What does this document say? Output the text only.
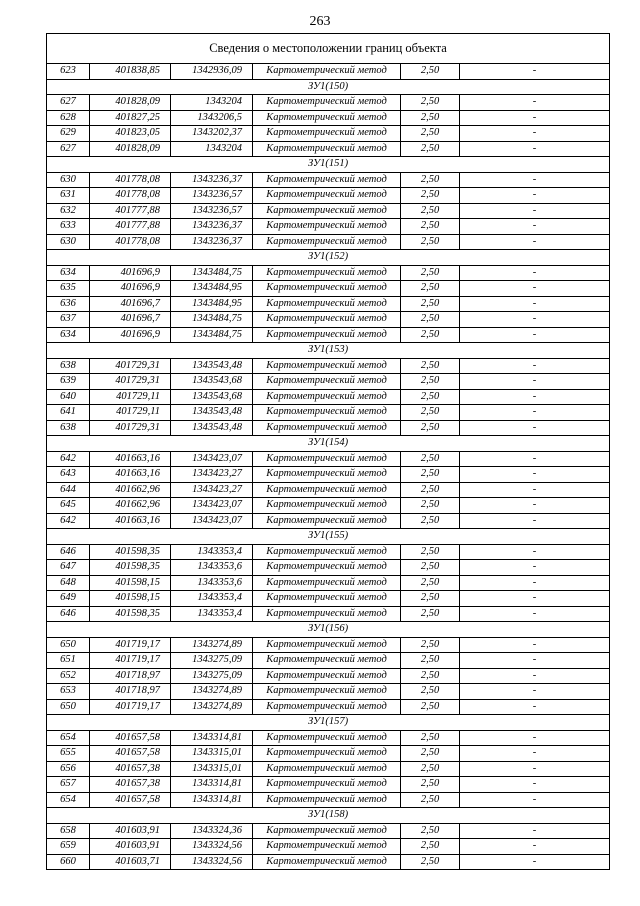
263
Сведения о местоположении границ объекта					
623	401838,85	1342936,09	Картометрический метод	2,50	-
ЗУ1(150)					
627	401828,09	1343204	Картометрический метод	2,50	-
628	401827,25	1343206,5	Картометрический метод	2,50	-
629	401823,05	1343202,37	Картометрический метод	2,50	-
627	401828,09	1343204	Картометрический метод	2,50	-
ЗУ1(151)					
630	401778,08	1343236,37	Картометрический метод	2,50	-
631	401778,08	1343236,57	Картометрический метод	2,50	-
632	401777,88	1343236,57	Картометрический метод	2,50	-
633	401777,88	1343236,37	Картометрический метод	2,50	-
630	401778,08	1343236,37	Картометрический метод	2,50	-
ЗУ1(152)					
634	401696,9	1343484,75	Картометрический метод	2,50	-
635	401696,9	1343484,95	Картометрический метод	2,50	-
636	401696,7	1343484,95	Картометрический метод	2,50	-
637	401696,7	1343484,75	Картометрический метод	2,50	-
634	401696,9	1343484,75	Картометрический метод	2,50	-
ЗУ1(153)					
638	401729,31	1343543,48	Картометрический метод	2,50	-
639	401729,31	1343543,68	Картометрический метод	2,50	-
640	401729,11	1343543,68	Картометрический метод	2,50	-
641	401729,11	1343543,48	Картометрический метод	2,50	-
638	401729,31	1343543,48	Картометрический метод	2,50	-
ЗУ1(154)					
642	401663,16	1343423,07	Картометрический метод	2,50	-
643	401663,16	1343423,27	Картометрический метод	2,50	-
644	401662,96	1343423,27	Картометрический метод	2,50	-
645	401662,96	1343423,07	Картометрический метод	2,50	-
642	401663,16	1343423,07	Картометрический метод	2,50	-
ЗУ1(155)					
646	401598,35	1343353,4	Картометрический метод	2,50	-
647	401598,35	1343353,6	Картометрический метод	2,50	-
648	401598,15	1343353,6	Картометрический метод	2,50	-
649	401598,15	1343353,4	Картометрический метод	2,50	-
646	401598,35	1343353,4	Картометрический метод	2,50	-
ЗУ1(156)					
650	401719,17	1343274,89	Картометрический метод	2,50	-
651	401719,17	1343275,09	Картометрический метод	2,50	-
652	401718,97	1343275,09	Картометрический метод	2,50	-
653	401718,97	1343274,89	Картометрический метод	2,50	-
650	401719,17	1343274,89	Картометрический метод	2,50	-
ЗУ1(157)					
654	401657,58	1343314,81	Картометрический метод	2,50	-
655	401657,58	1343315,01	Картометрический метод	2,50	-
656	401657,38	1343315,01	Картометрический метод	2,50	-
657	401657,38	1343314,81	Картометрический метод	2,50	-
654	401657,58	1343314,81	Картометрический метод	2,50	-
ЗУ1(158)					
658	401603,91	1343324,36	Картометрический метод	2,50	-
659	401603,91	1343324,56	Картометрический метод	2,50	-
660	401603,71	1343324,56	Картометрический метод	2,50	-
